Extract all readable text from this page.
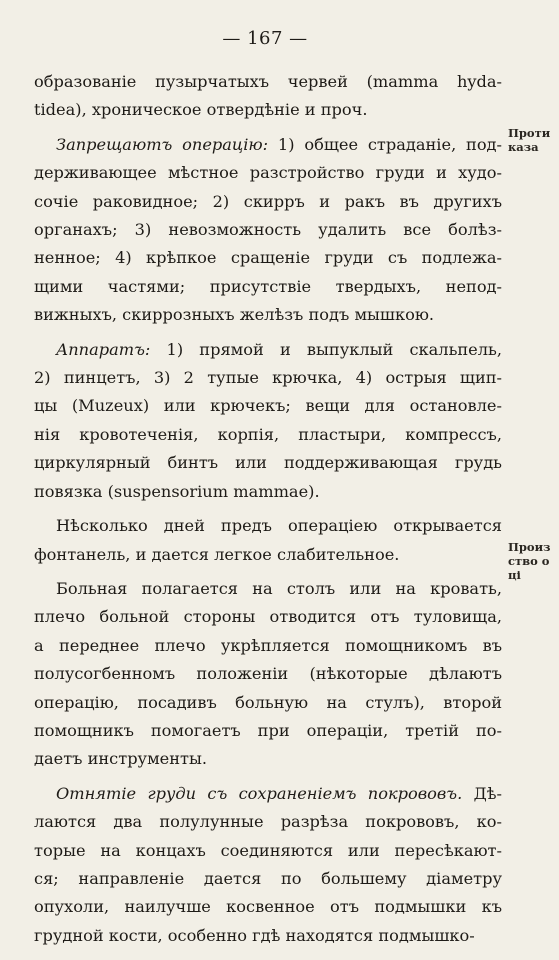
— 167 —
образованіе пузырчатыхъ червей (mamma hyda-
tidea), хроническое отвердѣніе и проч.
Запрещаютъ операцію: 1) общее страданіе, под-
держивающее мѣстное разстройство груди и худо-
сочіе раковидное; 2) скирръ и ракъ въ другихъ
органахъ; 3) невозможность удалить все болѣз-
ненное; 4) крѣпкое сращеніе груди съ подлежа-
щими частями; присутствіе твердыхъ, непод-
вижныхъ, скиррозныхъ желѣзъ подъ мышкою.
Аппаратъ: 1) прямой и выпуклый скальпель,
2) пинцетъ, 3) 2 тупые крючка, 4) острыя щип-
цы (Muzeux) или крючекъ; вещи для остановле-
нія кровотеченія, корпія, пластыри, компрессъ,
циркулярный бинтъ или поддерживающая грудь
повязка (suspensorium mammae).
Нѣсколько дней предъ операціею открывается
фонтанель, и дается легкое слабительное.
Больная полагается на столъ или на кровать,
плечо больной стороны отводится отъ туловища,
а переднее плечо укрѣпляется помощникомъ въ
полусогбенномъ положеніи (нѣкоторые дѣлаютъ
операцію, посадивъ больную на стулъ), второй
помощникъ помогаетъ при операціи, третій по-
даетъ инструменты.
Отнятіе груди съ сохраненіемъ покрововъ. Дѣ-
лаются два полулунные разрѣза покрововъ, ко-
торые на концахъ соединяются или пересѣкают-
ся; направленіе дается по большему діаметру
опухоли, наилучше косвенное отъ подмышки къ
грудной кости, особенно гдѣ находятся подмышко-
Проти
каза
Произ
ство о
ці
